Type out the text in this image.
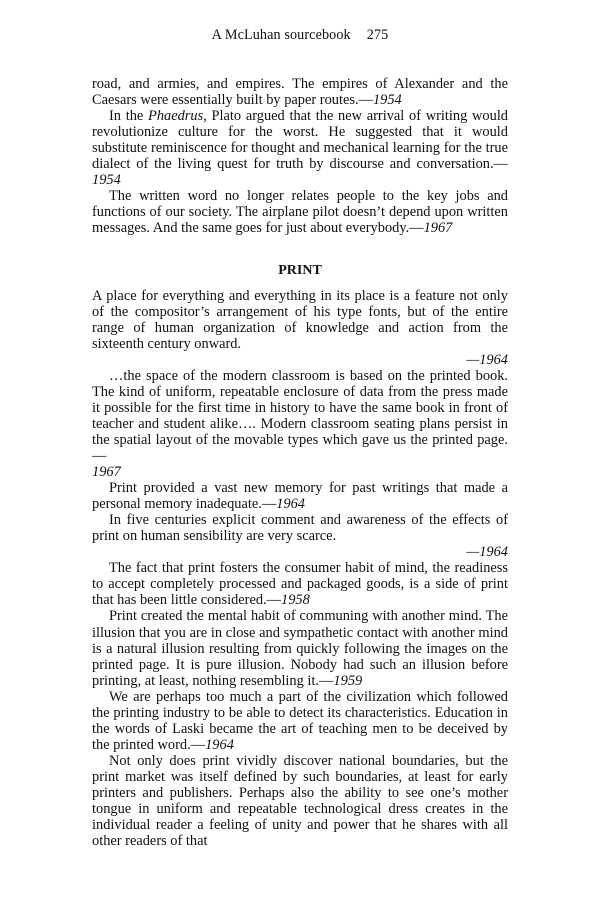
A McLuhan sourcebook 275

road, and armies, and empires. The empires of Alexander and the Caesars were essentially built by paper routes.—1954

In the Phaedrus, Plato argued that the new arrival of writing would revolutionize culture for the worst. He suggested that it would substitute reminiscence for thought and mechanical learning for the true dialect of the living quest for truth by discourse and conversation.—1954

The written word no longer relates people to the key jobs and functions of our society. The airplane pilot doesn’t depend upon written messages. And the same goes for just about everybody.—1967

PRINT

A place for everything and everything in its place is a feature not only of the compositor’s arrangement of his type fonts, but of the entire range of human organization of knowledge and action from the sixteenth century onward.

—1964

…the space of the modern classroom is based on the printed book. The kind of uniform, repeatable enclosure of data from the press made it possible for the first time in history to have the same book in front of teacher and student alike…. Modern classroom seating plans persist in the spatial layout of the movable types which gave us the printed page.—
1967

Print provided a vast new memory for past writings that made a personal memory inadequate.—1964

In five centuries explicit comment and awareness of the effects of print on human sensibility are very scarce.

—1964

The fact that print fosters the consumer habit of mind, the readiness to accept completely processed and packaged goods, is a side of print that has been little considered.—1958

Print created the mental habit of communing with another mind. The illusion that you are in close and sympathetic contact with another mind is a natural illusion resulting from quickly following the images on the printed page. It is pure illusion. Nobody had such an illusion before printing, at least, nothing resembling it.—1959

We are perhaps too much a part of the civilization which followed the printing industry to be able to detect its characteristics. Education in the words of Laski became the art of teaching men to be deceived by the printed word.—1964

Not only does print vividly discover national boundaries, but the print market was itself defined by such boundaries, at least for early printers and publishers. Perhaps also the ability to see one’s mother tongue in uniform and repeatable technological dress creates in the individual reader a feeling of unity and power that he shares with all other readers of that
